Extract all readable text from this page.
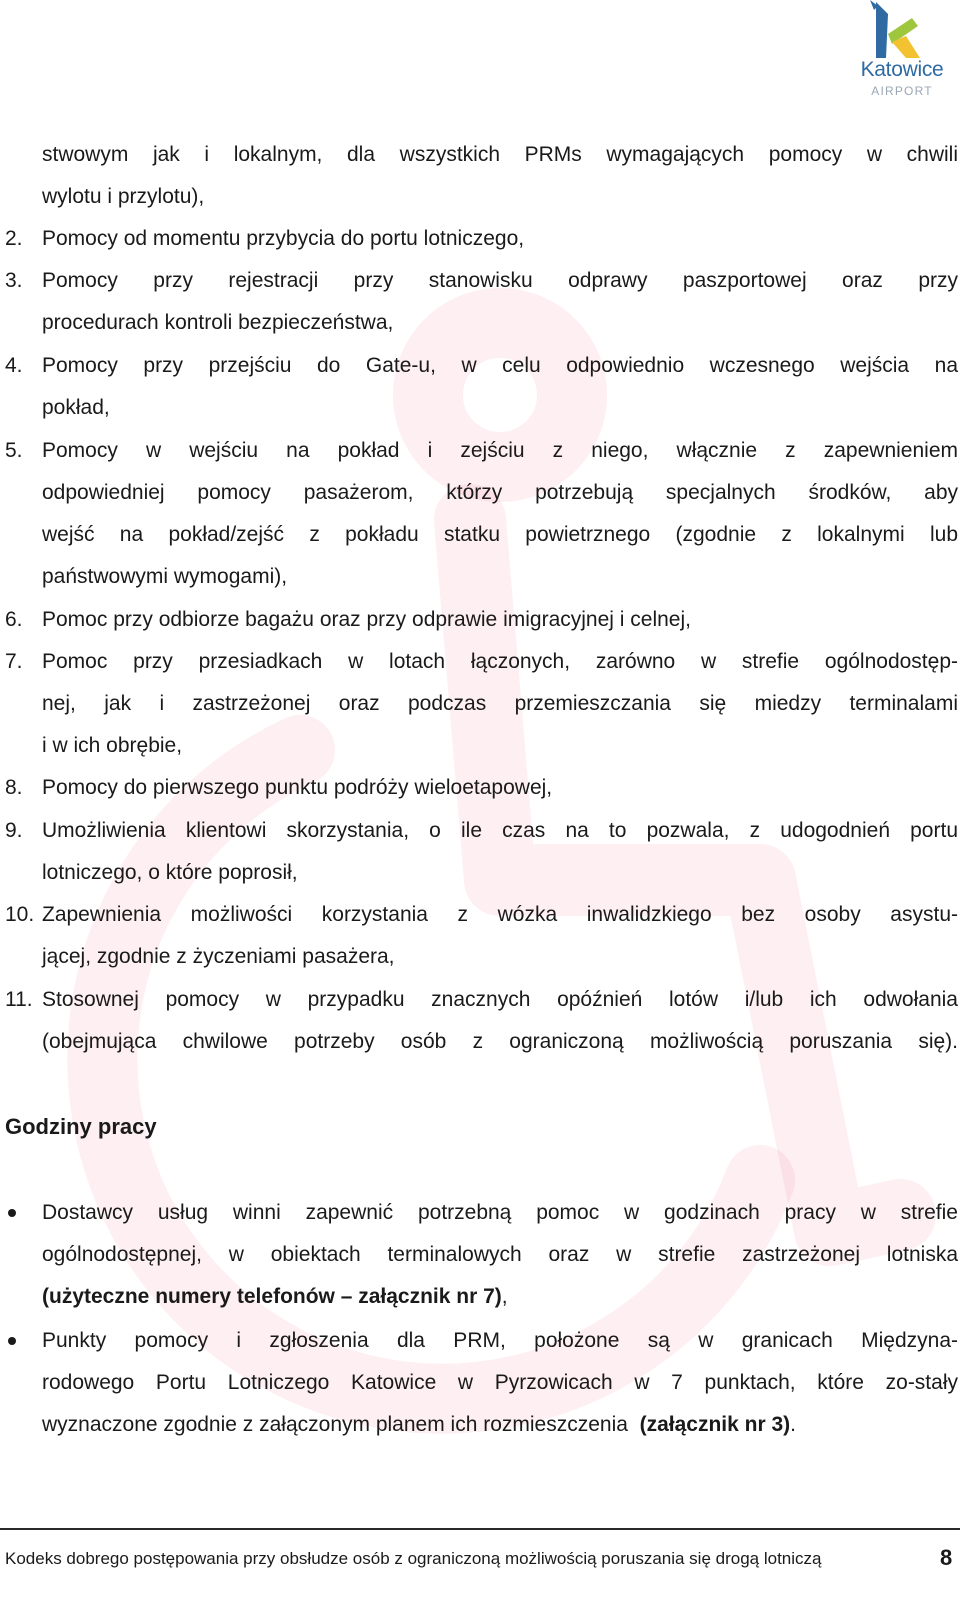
Katowice
AIRPORT
stwowym jak i lokalnym, dla wszystkich PRMs wymagających pomocy w chwili
wylotu i przylotu),
2. Pomocy od momentu przybycia do portu lotniczego,
3. Pomocy przy rejestracji przy stanowisku odprawy paszportowej oraz przy
procedurach kontroli bezpieczeństwa,
4. Pomocy przy przejściu do Gate-u, w celu odpowiednio wczesnego wejścia na
pokład,
5. Pomocy w wejściu na pokład i zejściu z niego, włącznie z zapewnieniem
odpowiedniej pomocy pasażerom, którzy potrzebują specjalnych środków, aby
wejść na pokład/zejść z pokładu statku powietrznego (zgodnie z lokalnymi lub
państwowymi wymogami),
6. Pomoc przy odbiorze bagażu oraz przy odprawie imigracyjnej i celnej,
7. Pomoc przy przesiadkach w lotach łączonych, zarówno w strefie ogólnodostęp-
nej, jak i zastrzeżonej oraz podczas przemieszczania się miedzy terminalami
i w ich obrębie,
8. Pomocy do pierwszego punktu podróży wieloetapowej,
9. Umożliwienia klientowi skorzystania, o ile czas na to pozwala, z udogodnień portu
lotniczego, o które poprosił,
10. Zapewnienia możliwości korzystania z wózka inwalidzkiego bez osoby asystu-
jącej, zgodnie z życzeniami pasażera,
11. Stosownej pomocy w przypadku znacznych opóźnień lotów i/lub ich odwołania
(obejmująca chwilowe potrzeby osób z ograniczoną możliwością poruszania się).
Godziny pracy
Dostawcy usług winni zapewnić potrzebną pomoc w godzinach pracy w strefie
ogólnodostępnej, w obiektach terminalowych oraz w strefie zastrzeżonej lotniska
(użyteczne numery telefonów – załącznik nr 7),
Punkty pomocy i zgłoszenia dla PRM, położone są w granicach Międzyna-
rodowego Portu Lotniczego Katowice w Pyrzowicach w 7 punktach, które zo-stały
wyznaczone zgodnie z załączonym planem ich rozmieszczenia  (załącznik nr 3).
Kodeks dobrego postępowania przy obsłudze osób z ograniczoną możliwością poruszania się drogą lotniczą	8
